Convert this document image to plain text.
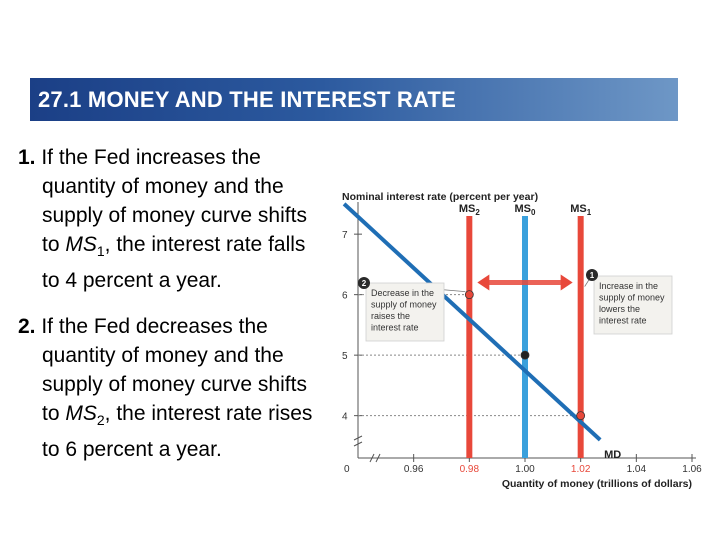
27.1 MONEY AND THE INTEREST RATE
1. If the Fed increases the quantity of money and the supply of money curve shifts to $MS_1$, the interest rate falls to 4 percent a year.
2. If the Fed decreases the quantity of money and the supply of money curve shifts to $MS_2$, the interest rate rises to 6 percent a year.
Nominal interest rate (percent per year)
Quantity of money (trillions of dollars)
0
4
5
6
7
0.96	0.98	1.00	1.02	1.04	1.06
$MS_2$	$MS_0$	$MS_1$
MD
1
Increase in the
supply of money
lowers the
interest rate
2
Decrease in the
supply of money
raises the
interest rate
